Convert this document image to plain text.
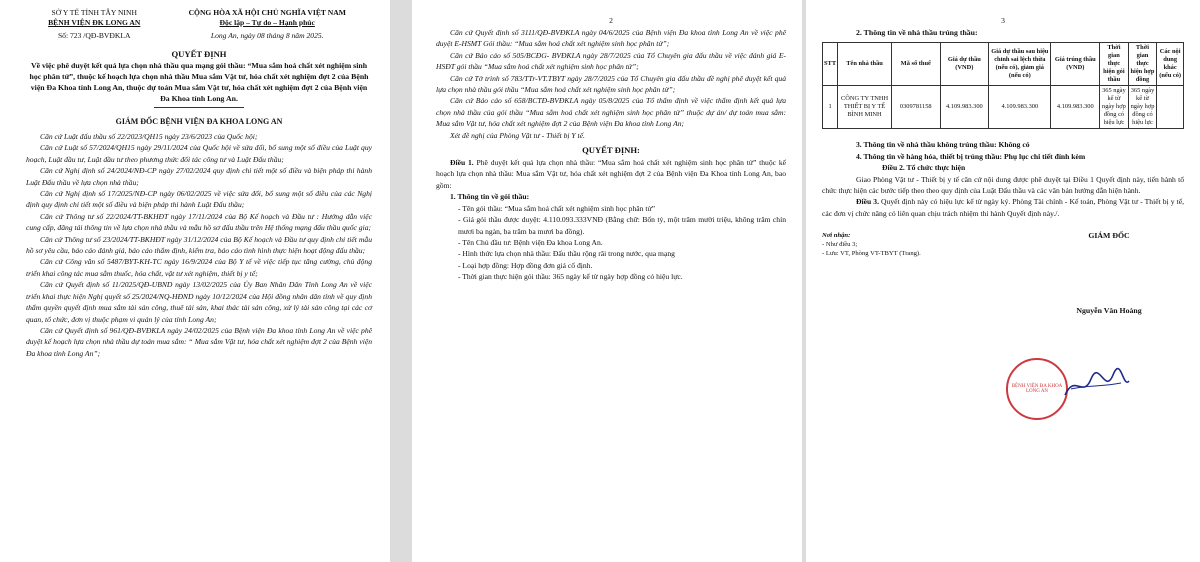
SỞ Y TẾ TỈNH TÂY NINH
BỆNH VIỆN ĐK LONG AN
CỘNG HÒA XÃ HỘI CHỦ NGHĨA VIỆT NAM
Độc lập – Tự do – Hạnh phúc
Số: 723 /QĐ-BVĐKLA	Long An, ngày 08 tháng 8 năm 2025.
QUYẾT ĐỊNH
Về việc phê duyệt kết quả lựa chọn nhà thầu qua mạng gói thầu: “Mua sắm hoá chất xét nghiệm sinh học phân tử”, thuộc kế hoạch lựa chọn nhà thầu Mua sắm Vật tư, hóa chất xét nghiệm đợt 2 của Bệnh viện Đa Khoa tỉnh Long An, thuộc dự toán Mua sắm Vật tư, hóa chất xét nghiệm đợt 2 của Bệnh viện Đa Khoa tỉnh Long An.
GIÁM ĐỐC BỆNH VIỆN ĐA KHOA LONG AN

Căn cứ Luật đấu thầu số 22/2023/QH15 ngày 23/6/2023 của Quốc hội;

Căn cứ Luật số 57/2024/QH15 ngày 29/11/2024 của Quốc hội về sửa đổi, bổ sung một số điều của Luật quy hoạch, Luật đầu tư, Luật đầu tư theo phương thức đối tác công tư và Luật Đấu thầu;

Căn cứ Nghị định số 24/2024/NĐ-CP ngày 27/02/2024 quy định chi tiết một số điều và biện pháp thi hành Luật Đấu thầu về lựa chọn nhà thầu;

Căn cứ Nghị định số 17/2025/NĐ-CP ngày 06/02/2025 về việc sửa đổi, bổ sung một số điều của các Nghị định quy định chi tiết một số điều và biện pháp thi hành Luật Đấu thầu;

Căn cứ Thông tư số 22/2024/TT-BKHĐT ngày 17/11/2024 của Bộ Kế hoạch và Đầu tư : Hướng dẫn việc cung cấp, đăng tải thông tin về lựa chọn nhà thầu và mẫu hồ sơ đấu thầu trên Hệ thống mạng đấu thầu quốc gia;

Căn cứ Thông tư số 23/2024/TT-BKHĐT ngày 31/12/2024 của Bộ Kế hoạch và Đầu tư quy định chi tiết mẫu hồ sơ yêu cầu, báo cáo đánh giá, báo cáo thẩm định, kiểm tra, báo cáo tình hình thực hiện hoạt động đấu thầu;

Căn cứ Công văn số 5487/BYT-KH-TC ngày 16/9/2024 của Bộ Y tế về việc tiếp tục tăng cường, chủ động triển khai công tác mua sắm thuốc, hóa chất, vật tư xét nghiệm, thiết bị y tế;

Căn cứ Quyết định số 11/2025/QĐ-UBND ngày 13/02/2025 của Ủy Ban Nhân Dân Tỉnh Long An về việc triển khai thực hiện Nghị quyết số 25/2024/NQ-HĐND ngày 10/12/2024 của Hội đồng nhân dân tỉnh về quy định thẩm quyền quyết định mua sắm tài sản công, thuê tài sản, khai thác tài sản công, xử lý tài sản công tại các cơ quan, tổ chức, đơn vị thuộc phạm vi quản lý của tỉnh Long An;

Căn cứ Quyết định số 961/QĐ-BVĐKLA ngày 24/02/2025 của Bệnh viện Đa khoa tỉnh Long An về việc phê duyệt kế hoạch lựa chọn nhà thầu dự toán mua sắm: “ Mua sắm Vật tư, hóa chất xét nghiệm đợt 2 của Bệnh viện Đa khoa tỉnh Long An”;

2

Căn cứ Quyết định số 3111/QĐ-BVĐKLA ngày 04/6/2025 của Bệnh viện Đa khoa tỉnh Long An về việc phê duyệt E-HSMT Gói thầu: “Mua sắm hoá chất xét nghiệm sinh học phân tử”;

Căn cứ Báo cáo số 505/BCĐG- BVĐKLA ngày 28/7/2025 của Tổ Chuyên gia đấu thầu về việc đánh giá E-HSĐT gói thầu “Mua sắm hoá chất xét nghiệm sinh học phân tử”;

Căn cứ Tờ trình số 783/TTr-VT.TBYT ngày 28/7/2025 của Tổ Chuyên gia đấu thầu đề nghị phê duyệt kết quả lựa chọn nhà thầu gói thầu “Mua sắm hoá chất xét nghiệm sinh học phân tử”;

Căn cứ Báo cáo số 658/BCTĐ-BVĐKLA ngày 05/8/2025 của Tổ thẩm định về việc thẩm định kết quả lựa chọn nhà thầu của gói thầu “Mua sắm hoá chất xét nghiệm sinh học phân tử” thuộc dự án/ dự toán mua sắm: Mua sắm Vật tư, hóa chất xét nghiệm đợt 2 của Bệnh viện Đa khoa tỉnh Long An;

Xét đề nghị của Phòng Vật tư - Thiết bị Y tế.

QUYẾT ĐỊNH:

Điều 1. Phê duyệt kết quả lựa chọn nhà thầu: “Mua sắm hoá chất xét nghiệm sinh học phân tử” thuộc kế hoạch lựa chọn nhà thầu: Mua sắm Vật tư, hóa chất xét nghiệm đợt 2 của Bệnh viện Đa Khoa tỉnh Long An, bao gồm:

1. Thông tin về gói thầu:

- Tên gói thầu: “Mua sắm hoá chất xét nghiệm sinh học phân tử”

- Giá gói thầu được duyệt: 4.110.093.333VNĐ (Bằng chữ: Bốn tỷ, một trăm mười triệu, không trăm chín mươi ba ngàn, ba trăm ba mươi ba đồng).

- Tên Chủ đầu tư: Bệnh viện Đa khoa Long An.

- Hình thức lựa chọn nhà thầu: Đấu thầu rộng rãi trong nước, qua mạng

- Loại hợp đồng: Hợp đồng đơn giá cố định.

- Thời gian thực hiện gói thầu: 365 ngày kể từ ngày hợp đồng có hiệu lực.

3

2. Thông tin về nhà thầu trúng thầu:

STT	Tên nhà thầu	Mã số thuế	Giá dự thầu (VND)	Giá dự thầu sau hiệu chỉnh sai lệch thừa (nếu có), giảm giá (nếu có)	Giá trúng thầu (VND)	Thời gian thực hiện gói thầu	Thời gian thực hiện hợp đồng	Các nội dung khác (nếu có)
1	CÔNG TY TNHH THIẾT BỊ Y TẾ BÌNH MINH	0309781158	4.109.983.300	4.109.983.300	4.109.983.300	365 ngày kể từ ngày hợp đồng có hiệu lực	365 ngày kể từ ngày hợp đồng có hiệu lực	

3. Thông tin về nhà thầu không trúng thầu: Không có

4. Thông tin về hàng hóa, thiết bị trúng thầu: Phụ lục chi tiết đính kèm

Điều 2. Tổ chức thực hiện

Giao Phòng Vật tư - Thiết bị y tế căn cứ nội dung được phê duyệt tại Điều 1 Quyết định này, tiến hành tổ chức thực hiện các bước tiếp theo theo quy định của Luật Đấu thầu và các văn bản hướng dẫn hiện hành.

Điều 3. Quyết định này có hiệu lực kể từ ngày ký. Phòng Tài chính - Kế toán, Phòng Vật tư - Thiết bị y tế, các đơn vị chức năng có liên quan chịu trách nhiệm thi hành Quyết định này./.

Nơi nhận:
- Như điều 3;
- Lưu: VT, Phòng VT-TBYT (Trang).
GIÁM ĐỐC
Nguyễn Văn Hoàng
BỆNH VIỆN ĐA KHOA LONG AN
